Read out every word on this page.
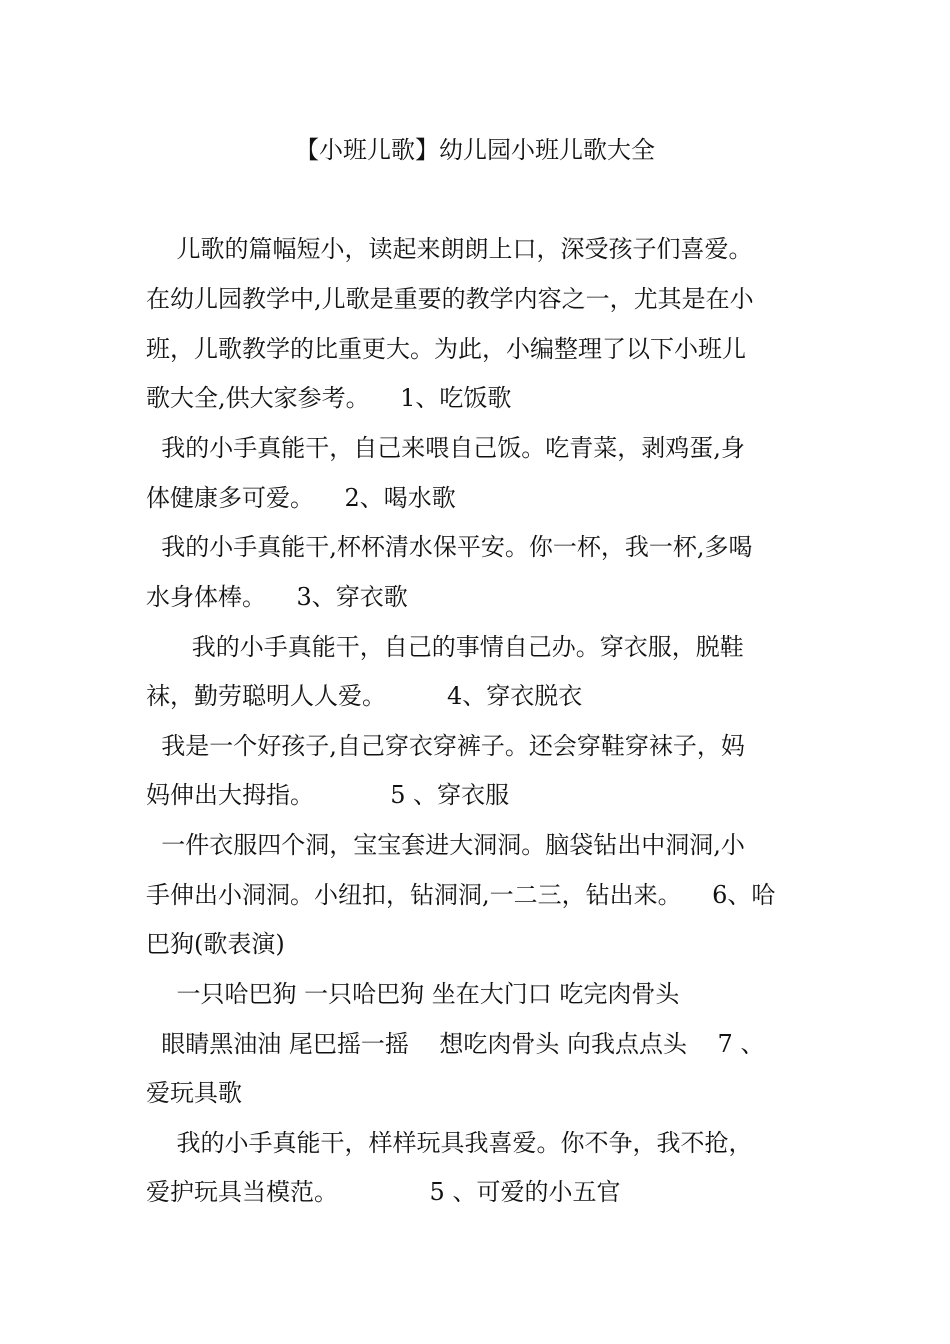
【小班儿歌】幼儿园小班儿歌大全
儿歌的篇幅短小，读起来朗朗上口，深受孩子们喜爱。
在幼儿园教学中,儿歌是重要的教学内容之一，尤其是在小
班，儿歌教学的比重更大。为此，小编整理了以下小班儿
歌大全,供大家参考。    1、吃饭歌
我的小手真能干，自己来喂自己饭。吃青菜，剥鸡蛋,身
体健康多可爱。    2、喝水歌
我的小手真能干,杯杯清水保平安。你一杯，我一杯,多喝
水身体棒。    3、穿衣歌
我的小手真能干，自己的事情自己办。穿衣服，脱鞋
袜，勤劳聪明人人爱。        4、穿衣脱衣
我是一个好孩子,自己穿衣穿裤子。还会穿鞋穿袜子，妈
妈伸出大拇指。          5 、穿衣服
一件衣服四个洞，宝宝套进大洞洞。脑袋钻出中洞洞,小
手伸出小洞洞。小纽扣，钻洞洞,一二三，钻出来。    6、哈
巴狗(歌表演)
一只哈巴狗 一只哈巴狗 坐在大门口 吃完肉骨头
眼睛黑油油 尾巴摇一摇    想吃肉骨头 向我点点头    7 、
爱玩具歌
我的小手真能干，样样玩具我喜爱。你不争，我不抢，
爱护玩具当模范。            5 、可爱的小五官
